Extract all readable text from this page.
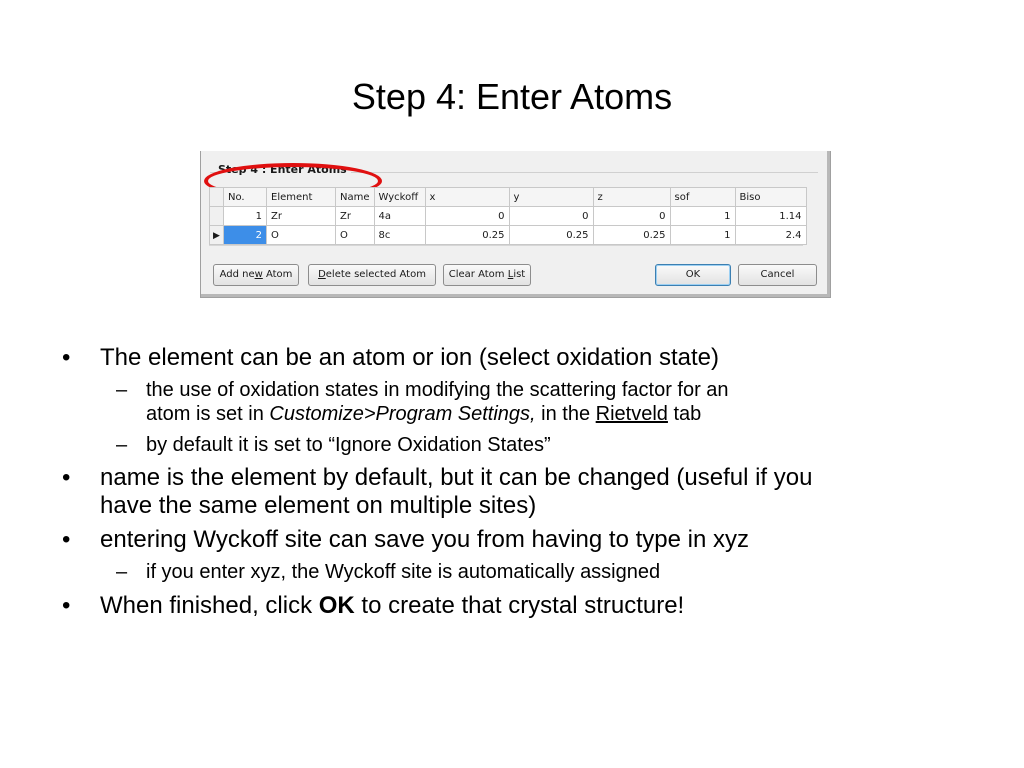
Step 4: Enter Atoms
Step 4 : Enter Atoms
	No.	Element	Name	Wyckoff	x	y	z	sof	Biso
	1	Zr	Zr	4a	0	0	0	1	1.14
▶	2	O	O	8c	0.25	0.25	0.25	1	2.4
Add new Atom	Delete selected Atom	Clear Atom List	OK	Cancel
• The element can be an atom or ion (select oxidation state)
– the use of oxidation states in modifying the scattering factor for an
atom is set in Customize>Program Settings, in the Rietveld tab
– by default it is set to “Ignore Oxidation States”
• name is the element by default, but it can be changed (useful if you
have the same element on multiple sites)
• entering Wyckoff site can save you from having to type in xyz
– if you enter xyz, the Wyckoff site is automatically assigned
• When finished, click OK to create that crystal structure!
